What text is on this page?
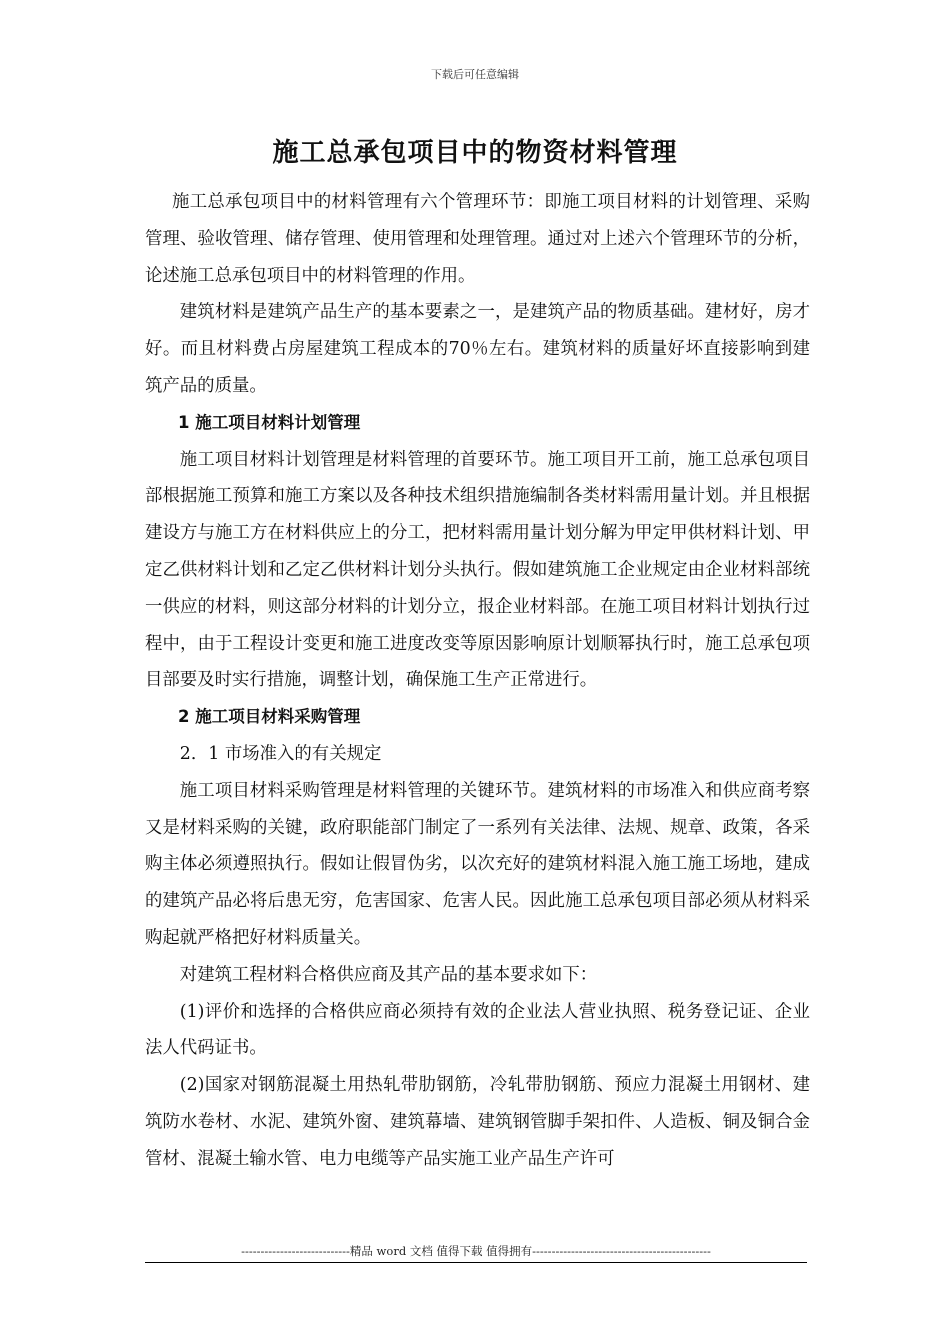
下载后可任意编辑
施工总承包项目中的物资材料管理

施工总承包项目中的材料管理有六个管理环节：即施工项目材料的计划管理、采购管理、验收管理、储存管理、使用管理和处理管理。通过对上述六个管理环节的分析，论述施工总承包项目中的材料管理的作用。

建筑材料是建筑产品生产的基本要素之一，是建筑产品的物质基础。建材好，房才好。而且材料费占房屋建筑工程成本的70％左右。建筑材料的质量好坏直接影响到建筑产品的质量。

1 施工项目材料计划管理

施工项目材料计划管理是材料管理的首要环节。施工项目开工前，施工总承包项目部根据施工预算和施工方案以及各种技术组织措施编制各类材料需用量计划。并且根据建设方与施工方在材料供应上的分工，把材料需用量计划分解为甲定甲供材料计划、甲定乙供材料计划和乙定乙供材料计划分头执行。假如建筑施工企业规定由企业材料部统一供应的材料，则这部分材料的计划分立，报企业材料部。在施工项目材料计划执行过程中，由于工程设计变更和施工进度改变等原因影响原计划顺幂执行时，施工总承包项目部要及时实行措施，调整计划，确保施工生产正常进行。

2 施工项目材料采购管理

2．1 市场准入的有关规定

施工项目材料采购管理是材料管理的关键环节。建筑材料的市场准入和供应商考察又是材料采购的关键，政府职能部门制定了一系列有关法律、法规、规章、政策，各采购主体必须遵照执行。假如让假冒伪劣，以次充好的建筑材料混入施工施工场地，建成的建筑产品必将后患无穷，危害国家、危害人民。因此施工总承包项目部必须从材料采购起就严格把好材料质量关。

对建筑工程材料合格供应商及其产品的基本要求如下：

(1)评价和选择的合格供应商必须持有效的企业法人营业执照、税务登记证、企业法人代码证书。

(2)国家对钢筋混凝土用热轧带肋钢筋，冷轧带肋钢筋、预应力混凝土用钢材、建筑防水卷材、水泥、建筑外窗、建筑幕墙、建筑钢管脚手架扣件、人造板、铜及铜合金管材、混凝土输水管、电力电缆等产品实施工业产品生产许可

----------------------------精品 word 文档 值得下载 值得拥有----------------------------------------------
